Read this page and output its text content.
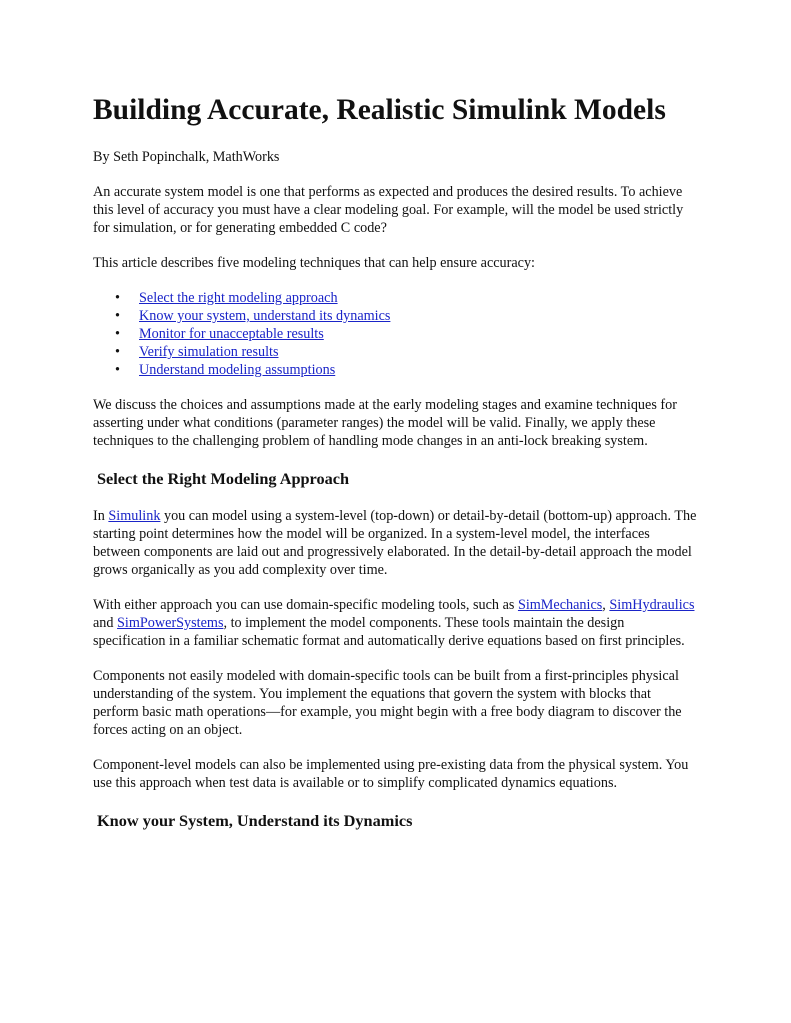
Building Accurate, Realistic Simulink Models

By Seth Popinchalk, MathWorks

An accurate system model is one that performs as expected and produces the desired results. To achieve this level of accuracy you must have a clear modeling goal. For example, will the model be used strictly for simulation, or for generating embedded C code?

This article describes five modeling techniques that can help ensure accuracy:

• Select the right modeling approach
• Know your system, understand its dynamics
• Monitor for unacceptable results
• Verify simulation results
• Understand modeling assumptions

We discuss the choices and assumptions made at the early modeling stages and examine techniques for asserting under what conditions (parameter ranges) the model will be valid. Finally, we apply these techniques to the challenging problem of handling mode changes in an anti-lock breaking system.

Select the Right Modeling Approach

In Simulink you can model using a system-level (top-down) or detail-by-detail (bottom-up) approach. The starting point determines how the model will be organized. In a system-level model, the interfaces between components are laid out and progressively elaborated. In the detail-by-detail approach the model grows organically as you add complexity over time.

With either approach you can use domain-specific modeling tools, such as SimMechanics, SimHydraulics and SimPowerSystems, to implement the model components. These tools maintain the design specification in a familiar schematic format and automatically derive equations based on first principles.

Components not easily modeled with domain-specific tools can be built from a first-principles physical understanding of the system. You implement the equations that govern the system with blocks that perform basic math operations—for example, you might begin with a free body diagram to discover the forces acting on an object.

Component-level models can also be implemented using pre-existing data from the physical system. You use this approach when test data is available or to simplify complicated dynamics equations.

Know your System, Understand its Dynamics
